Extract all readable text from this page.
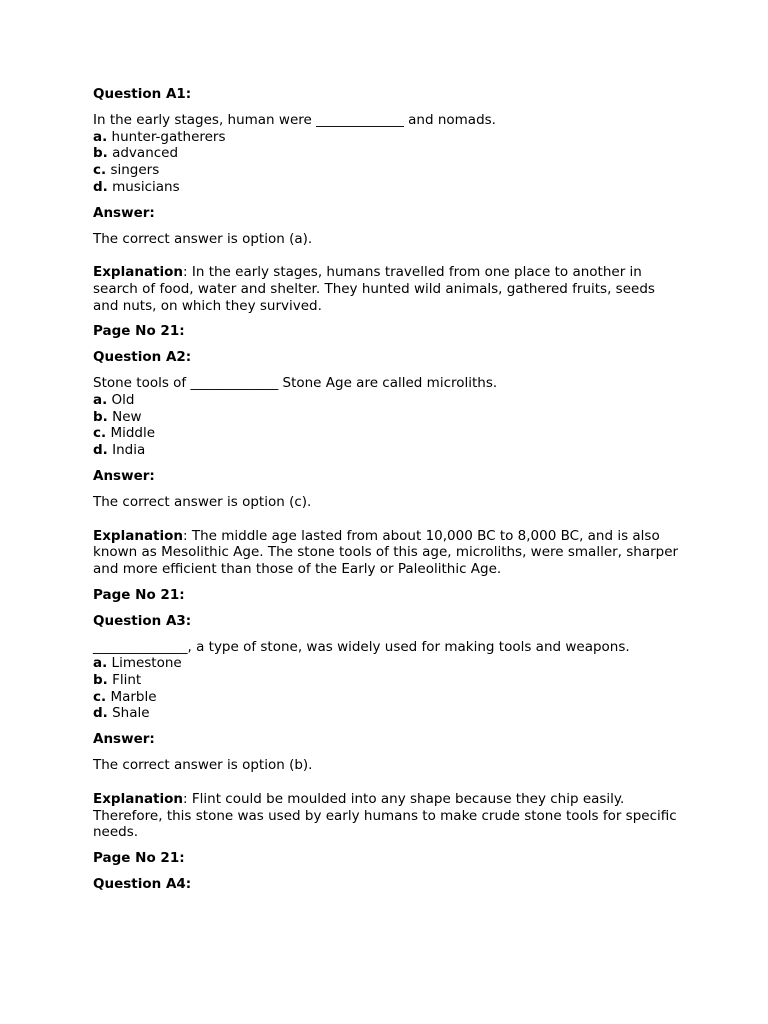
Question A1:
In the early stages, human were _____________ and nomads.
a. hunter-gatherers
b. advanced
c. singers
d. musicians
Answer:
The correct answer is option (a).
Explanation: In the early stages, humans travelled from one place to another in search of food, water and shelter. They hunted wild animals, gathered fruits, seeds and nuts, on which they survived.
Page No 21:
Question A2:
Stone tools of _____________ Stone Age are called microliths.
a. Old
b. New
c. Middle
d. India
Answer:
The correct answer is option (c).
Explanation: The middle age lasted from about 10,000 BC to 8,000 BC, and is also known as Mesolithic Age. The stone tools of this age, microliths, were smaller, sharper and more efficient than those of the Early or Paleolithic Age.
Page No 21:
Question A3:
______________, a type of stone, was widely used for making tools and weapons.
a. Limestone
b. Flint
c. Marble
d. Shale
Answer:
The correct answer is option (b).
Explanation: Flint could be moulded into any shape because they chip easily. Therefore, this stone was used by early humans to make crude stone tools for specific needs.
Page No 21:
Question A4:
